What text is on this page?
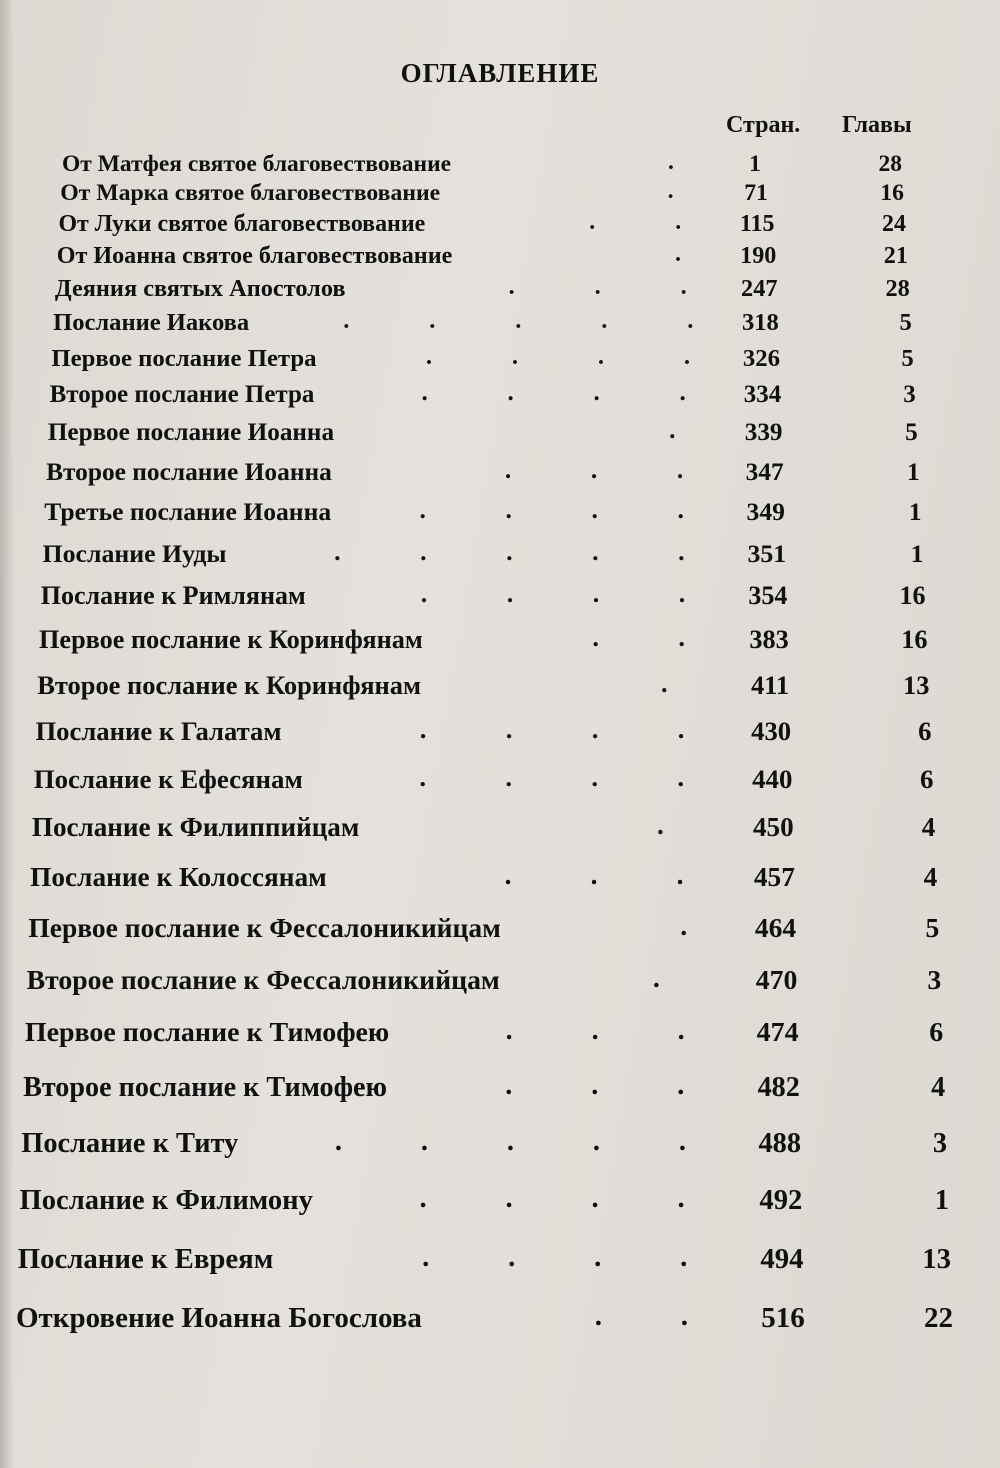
ОГЛАВЛЕНИЕ
Стран. Главы
От Матфея святое благовествование	.	1	28
От Марка святое благовествование	.	71	16
От Луки святое благовествование	.	.	115	24
От Иоанна святое благовествование	.	190	21
Деяния святых Апостолов	.	.	.	247	28
Послание Иакова	.	.	.	.	.	318	5
Первое послание Петра	.	.	.	.	326	5
Второе послание Петра	.	.	.	.	334	3
Первое послание Иоанна	.	339	5
Второе послание Иоанна	.	.	.	347	1
Третье послание Иоанна	.	.	.	.	349	1
Послание Иуды	.	.	.	.	.	351	1
Послание к Римлянам	.	.	.	.	354	16
Первое послание к Коринфянам	.	.	383	16
Второе послание к Коринфянам	.	411	13
Послание к Галатам	.	.	.	.	430	6
Послание к Ефесянам	.	.	.	.	440	6
Послание к Филиппийцам	.	450	4
Послание к Колоссянам	.	.	.	457	4
Первое послание к Фессалоникийцам	.	464	5
Второе послание к Фессалоникийцам	.	470	3
Первое послание к Тимофею	.	.	.	474	6
Второе послание к Тимофею	.	.	.	482	4
Послание к Титу	.	.	.	.	.	488	3
Послание к Филимону	.	.	.	.	492	1
Послание к Евреям	.	.	.	.	494	13
Откровение Иоанна Богослова	.	.	516	22
